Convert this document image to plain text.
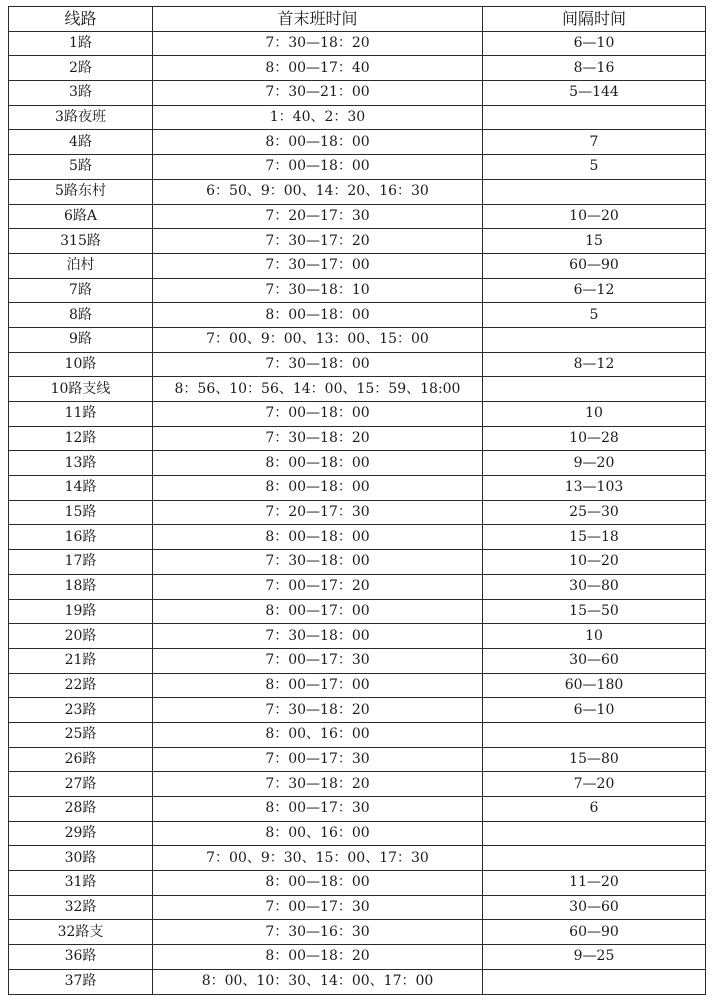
线路	首末班时间	间隔时间
1路	7：30—18：20	6—10
2路	8：00—17：40	8—16
3路	7：30—21：00	5—144
3路夜班	1：40、2：30	
4路	8：00—18：00	7
5路	7：00—18：00	5
5路东村	6：50、9：00、14：20、16：30	
6路A	7：20—17：30	10—20
315路	7：30—17：20	15
泊村	7：30—17：00	60—90
7路	7：30—18：10	6—12
8路	8：00—18：00	5
9路	7：00、9：00、13：00、15：00	
10路	7：30—18：00	8—12
10路支线	8：56、10：56、14：00、15：59、18:00	
11路	7：00—18：00	10
12路	7：30—18：20	10—28
13路	8：00—18：00	9—20
14路	8：00—18：00	13—103
15路	7：20—17：30	25—30
16路	8：00—18：00	15—18
17路	7：30—18：00	10—20
18路	7：00—17：20	30—80
19路	8：00—17：00	15—50
20路	7：30—18：00	10
21路	7：00—17：30	30—60
22路	8：00—17：00	60—180
23路	7：30—18：20	6—10
25路	8：00、16：00	
26路	7：00—17：30	15—80
27路	7：30—18：20	7—20
28路	8：00—17：30	6
29路	8：00、16：00	
30路	7：00、9：30、15：00、17：30	
31路	8：00—18：00	11—20
32路	7：00—17：30	30—60
32路支	7：30—16：30	60—90
36路	8：00—18：20	9—25
37路	8：00、10：30、14：00、17：00	
